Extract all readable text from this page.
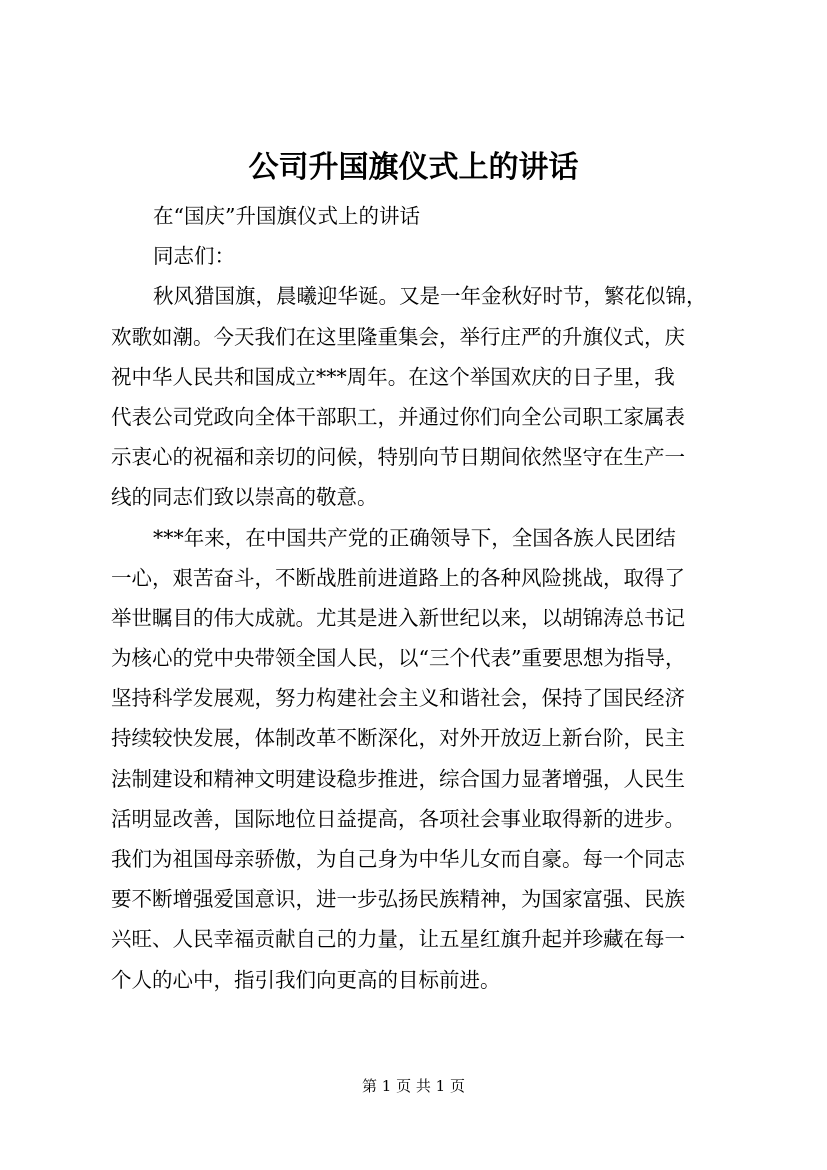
公司升国旗仪式上的讲话
在“国庆”升国旗仪式上的讲话
同志们：
秋风猎国旗，晨曦迎华诞。又是一年金秋好时节，繁花似锦，
欢歌如潮。今天我们在这里隆重集会，举行庄严的升旗仪式，庆
祝中华人民共和国成立***周年。在这个举国欢庆的日子里，我
代表公司党政向全体干部职工，并通过你们向全公司职工家属表
示衷心的祝福和亲切的问候，特别向节日期间依然坚守在生产一
线的同志们致以崇高的敬意。
***年来，在中国共产党的正确领导下，全国各族人民团结
一心，艰苦奋斗，不断战胜前进道路上的各种风险挑战，取得了
举世瞩目的伟大成就。尤其是进入新世纪以来，以胡锦涛总书记
为核心的党中央带领全国人民，以“三个代表”重要思想为指导，
坚持科学发展观，努力构建社会主义和谐社会，保持了国民经济
持续较快发展，体制改革不断深化，对外开放迈上新台阶，民主
法制建设和精神文明建设稳步推进，综合国力显著增强，人民生
活明显改善，国际地位日益提高，各项社会事业取得新的进步。
我们为祖国母亲骄傲，为自己身为中华儿女而自豪。每一个同志
要不断增强爱国意识，进一步弘扬民族精神，为国家富强、民族
兴旺、人民幸福贡献自己的力量，让五星红旗升起并珍藏在每一
个人的心中，指引我们向更高的目标前进。
第 1 页 共 1 页
